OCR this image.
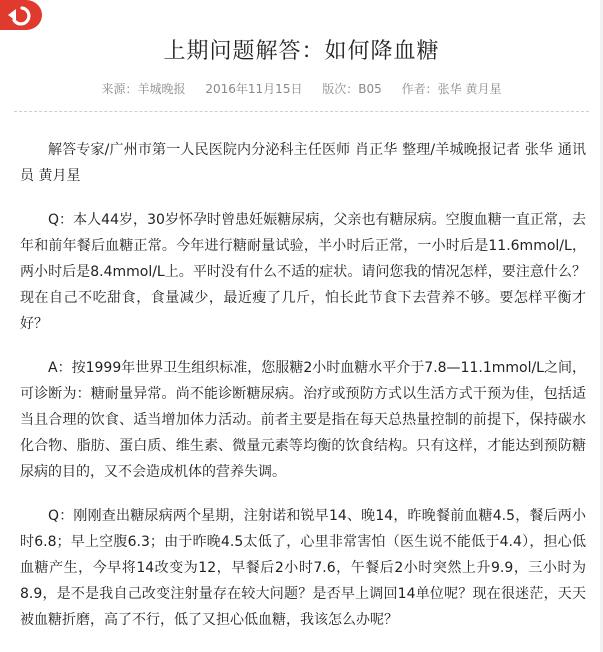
上期问题解答：如何降血糖
来源：羊城晚报 2016年11月15日 版次：B05 作者：张华 黄月星

解答专家/广州市第一人民医院内分泌科主任医师 肖正华 整理/羊城晚报记者 张华 通讯员 黄月星

Q：本人44岁，30岁怀孕时曾患妊娠糖尿病，父亲也有糖尿病。空腹血糖一直正常，去年和前年餐后血糖正常。今年进行糖耐量试验，半小时后正常，一小时后是11.6mmol/L，两小时后是8.4mmol/L上。平时没有什么不适的症状。请问您我的情况怎样，要注意什么？现在自己不吃甜食，食量减少，最近瘦了几斤，怕长此节食下去营养不够。要怎样平衡才好？

A：按1999年世界卫生组织标准，您服糖2小时血糖水平介于7.8—11.1mmol/L之间，可诊断为：糖耐量异常。尚不能诊断糖尿病。治疗或预防方式以生活方式干预为佳，包括适当且合理的饮食、适当增加体力活动。前者主要是指在每天总热量控制的前提下，保持碳水化合物、脂肪、蛋白质、维生素、微量元素等均衡的饮食结构。只有这样，才能达到预防糖尿病的目的，又不会造成机体的营养失调。

Q：刚刚查出糖尿病两个星期，注射诺和锐早14、晚14，昨晚餐前血糖4.5，餐后两小时6.8；早上空腹6.3；由于昨晚4.5太低了，心里非常害怕（医生说不能低于4.4），担心低血糖产生，今早将14改变为12，早餐后2小时7.6，午餐后2小时突然上升9.9，三小时为8.9，是不是我自己改变注射量存在较大问题？是否早上调回14单位呢？现在很迷茫，天天被血糖折磨，高了不行，低了又担心低血糖，我该怎么办呢？
